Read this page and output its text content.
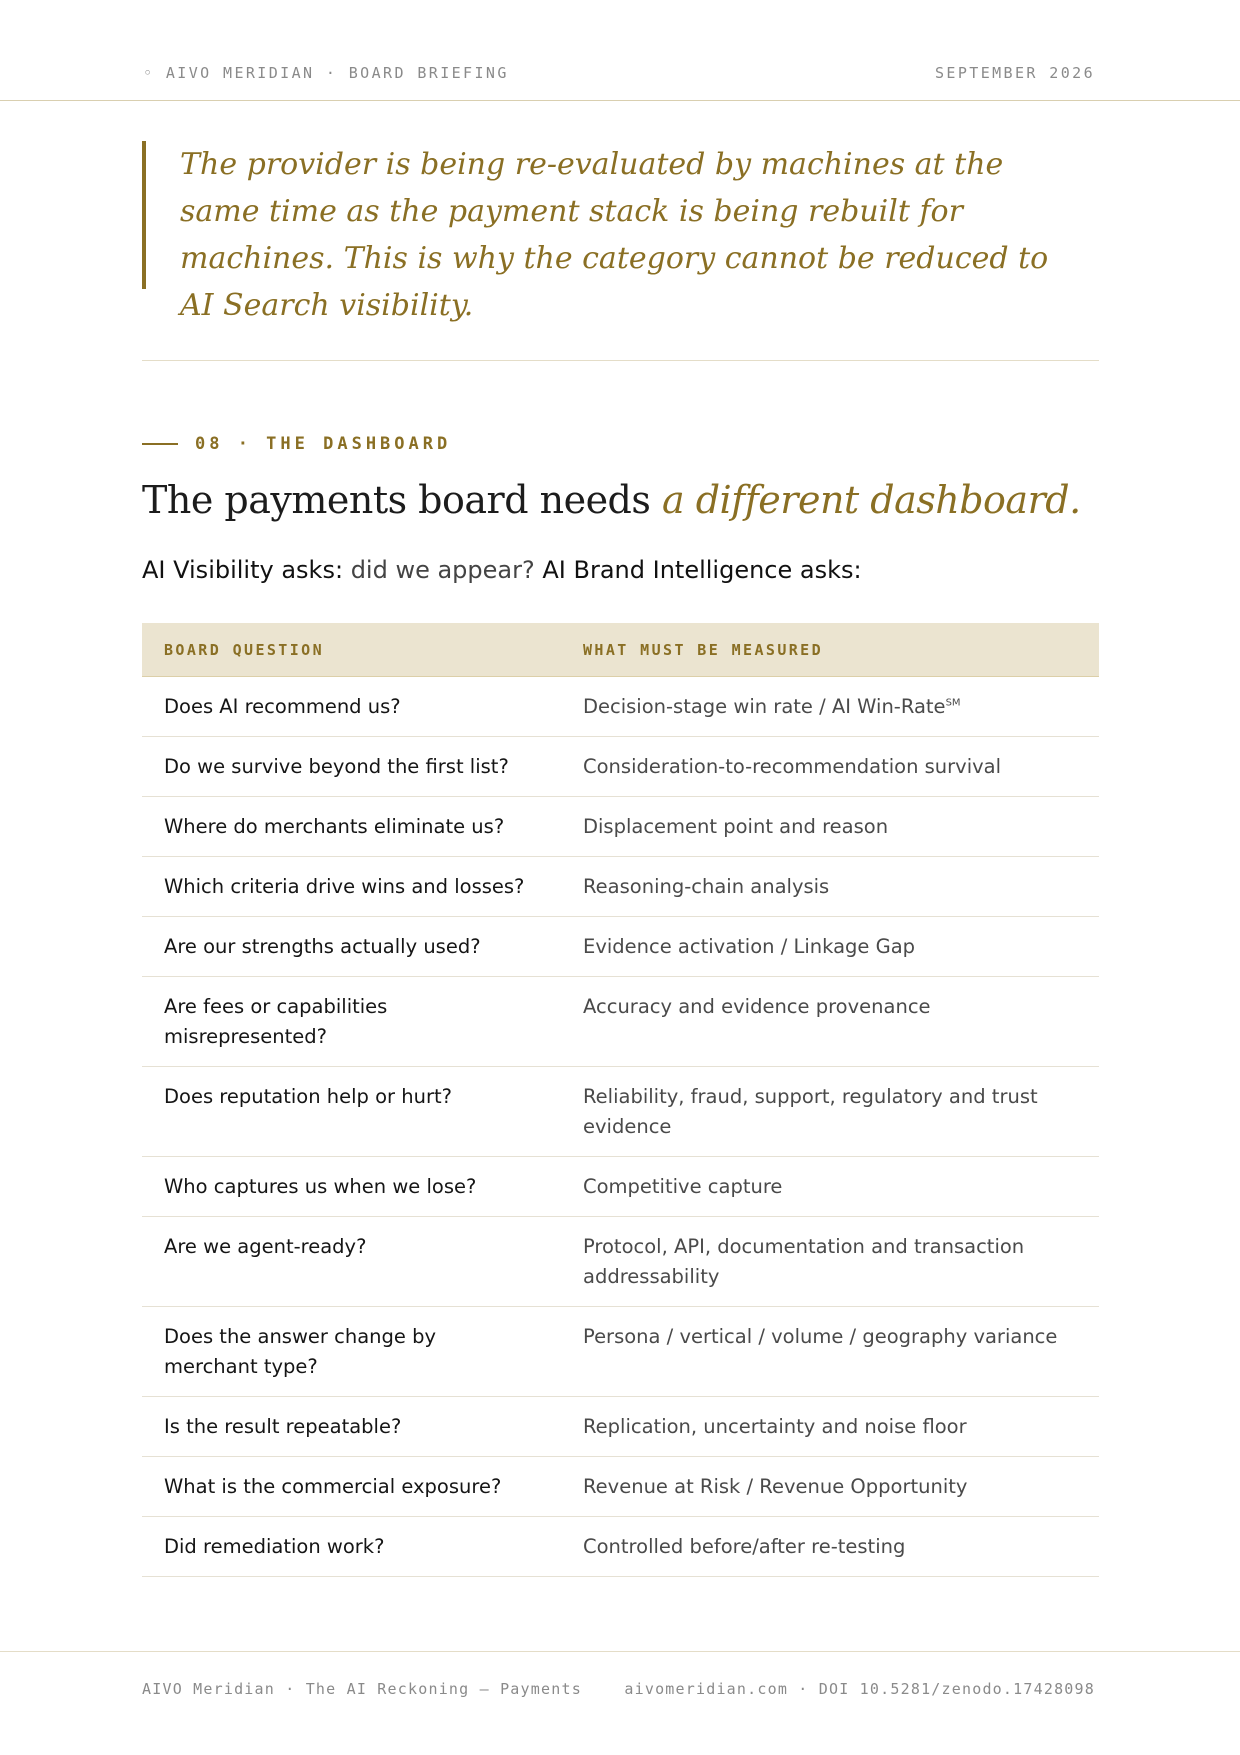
◦ AIVO MERIDIAN · BOARD BRIEFING	SEPTEMBER 2026

The provider is being re-evaluated by machines at the same time as the payment stack is being rebuilt for machines. This is why the category cannot be reduced to AI Search visibility.

08 · THE DASHBOARD
The payments board needs a different dashboard.
AI Visibility asks: did we appear? AI Brand Intelligence asks:
BOARD QUESTION	WHAT MUST BE MEASURED
Does AI recommend us?	Decision-stage win rate / AI Win-Rate℠
Do we survive beyond the first list?	Consideration-to-recommendation survival
Where do merchants eliminate us?	Displacement point and reason
Which criteria drive wins and losses?	Reasoning-chain analysis
Are our strengths actually used?	Evidence activation / Linkage Gap
Are fees or capabilities misrepresented?	Accuracy and evidence provenance
Does reputation help or hurt?	Reliability, fraud, support, regulatory and trust evidence
Who captures us when we lose?	Competitive capture
Are we agent-ready?	Protocol, API, documentation and transaction addressability
Does the answer change by merchant type?	Persona / vertical / volume / geography variance
Is the result repeatable?	Replication, uncertainty and noise floor
What is the commercial exposure?	Revenue at Risk / Revenue Opportunity
Did remediation work?	Controlled before/after re-testing
AIVO Meridian · The AI Reckoning — Payments	aivomeridian.com · DOI 10.5281/zenodo.17428098
